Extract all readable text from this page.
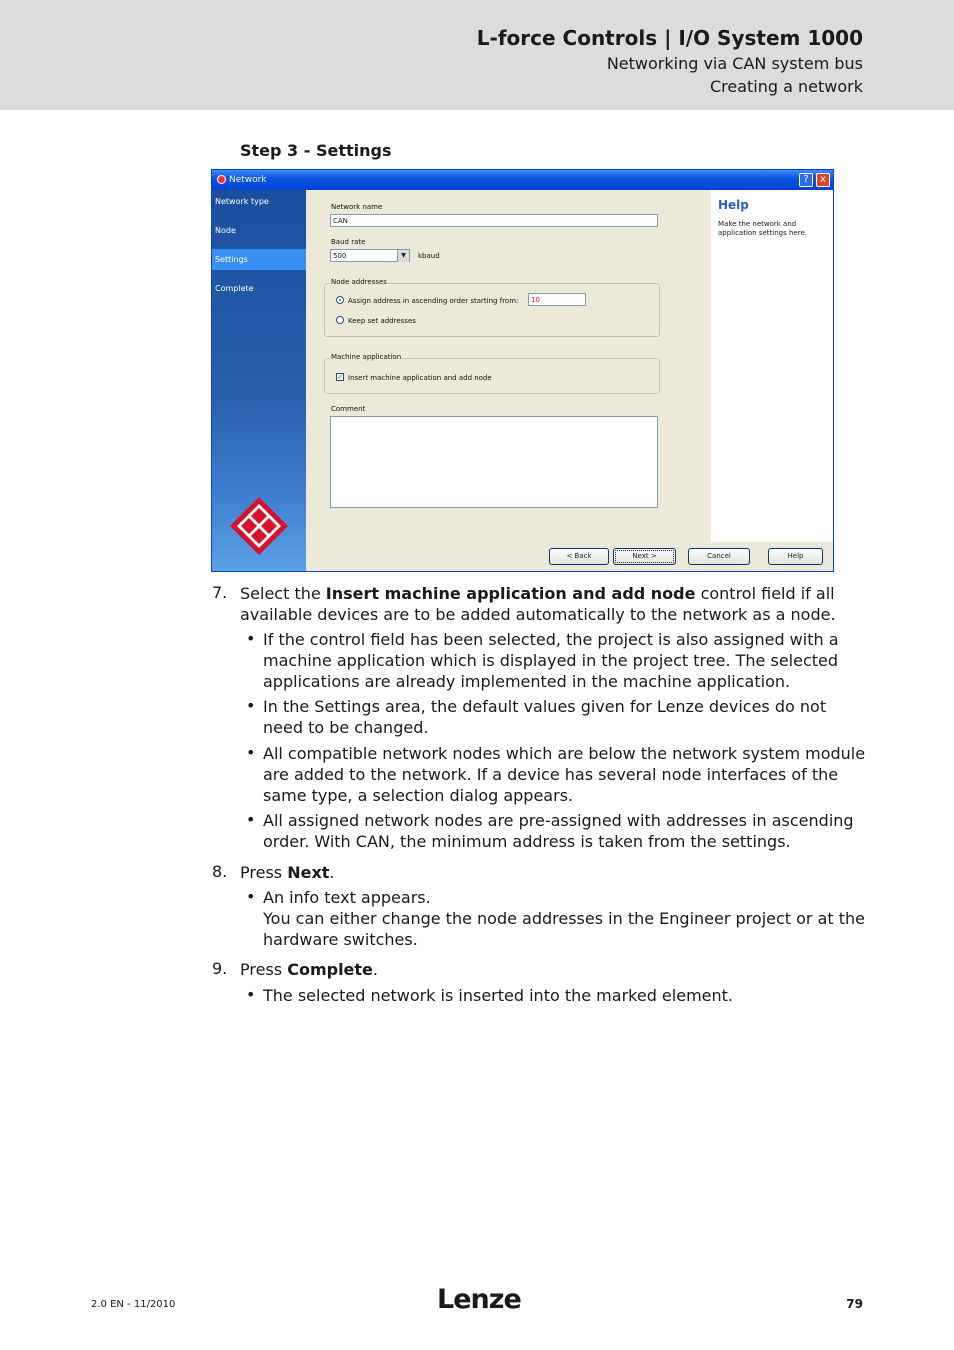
L-force Controls | I/O System 1000
Networking via CAN system bus
Creating a network
Step 3 - Settings
Network	?	x
Network type
Node
Settings
Complete
Network name
CAN
Baud rate
500	▼	kbaud
Node addresses
Assign address in ascending order starting from:	10
Keep set addresses
Machine application
✓ Insert machine application and add node
Comment
< Back	Next >
Help
Make the network and application settings here.
Cancel	Help
7. Select the Insert machine application and add node control field if all available devices are to be added automatically to the network as a node.
• If the control field has been selected, the project is also assigned with a machine application which is displayed in the project tree. The selected applications are already implemented in the machine application.
• In the Settings area, the default values given for Lenze devices do not need to be changed.
• All compatible network nodes which are below the network system module are added to the network. If a device has several node interfaces of the same type, a selection dialog appears.
• All assigned network nodes are pre-assigned with addresses in ascending order. With CAN, the minimum address is taken from the settings.
8. Press Next.
• An info text appears.
You can either change the node addresses in the Engineer project or at the hardware switches.
9. Press Complete.
• The selected network is inserted into the marked element.
2.0 EN - 11/2010	Lenze	79
